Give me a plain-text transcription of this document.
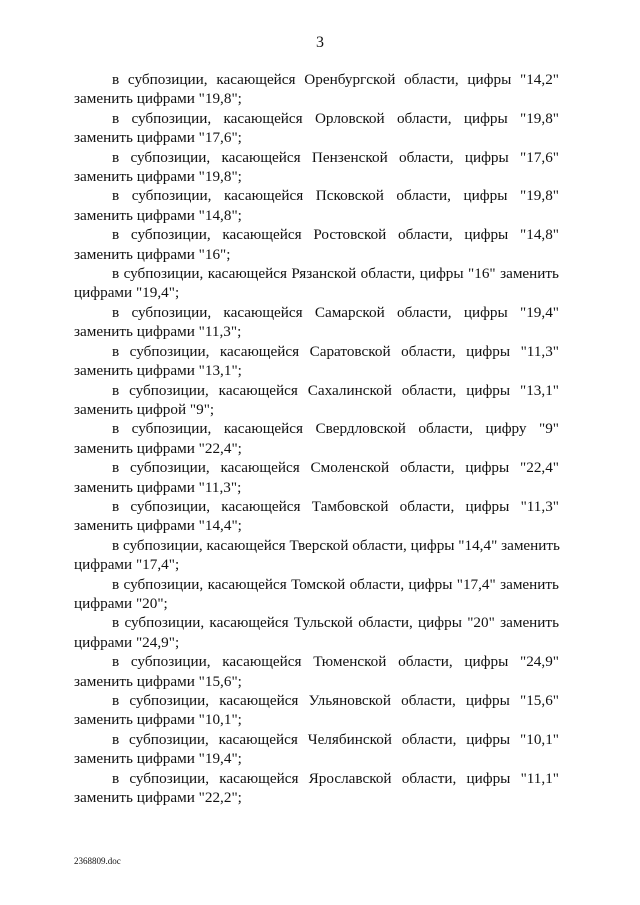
3

в субпозиции, касающейся Оренбургской области, цифры "14,2"
заменить цифрами "19,8";

в субпозиции, касающейся Орловской области, цифры "19,8"
заменить цифрами "17,6";

в субпозиции, касающейся Пензенской области, цифры "17,6"
заменить цифрами "19,8";

в субпозиции, касающейся Псковской области, цифры "19,8"
заменить цифрами "14,8";

в субпозиции, касающейся Ростовской области, цифры "14,8"
заменить цифрами "16";

в субпозиции, касающейся Рязанской области, цифры "16" заменить
цифрами "19,4";

в субпозиции, касающейся Самарской области, цифры "19,4"
заменить цифрами "11,3";

в субпозиции, касающейся Саратовской области, цифры "11,3"
заменить цифрами "13,1";

в субпозиции, касающейся Сахалинской области, цифры "13,1"
заменить цифрой "9";

в субпозиции, касающейся Свердловской области, цифру "9"
заменить цифрами "22,4";

в субпозиции, касающейся Смоленской области, цифры "22,4"
заменить цифрами "11,3";

в субпозиции, касающейся Тамбовской области, цифры "11,3"
заменить цифрами "14,4";

в субпозиции, касающейся Тверской области, цифры "14,4" заменить
цифрами "17,4";

в субпозиции, касающейся Томской области, цифры "17,4" заменить
цифрами "20";

в субпозиции, касающейся Тульской области, цифры "20" заменить
цифрами "24,9";

в субпозиции, касающейся Тюменской области, цифры "24,9"
заменить цифрами "15,6";

в субпозиции, касающейся Ульяновской области, цифры "15,6"
заменить цифрами "10,1";

в субпозиции, касающейся Челябинской области, цифры "10,1"
заменить цифрами "19,4";

в субпозиции, касающейся Ярославской области, цифры "11,1"
заменить цифрами "22,2";

2368809.doc
